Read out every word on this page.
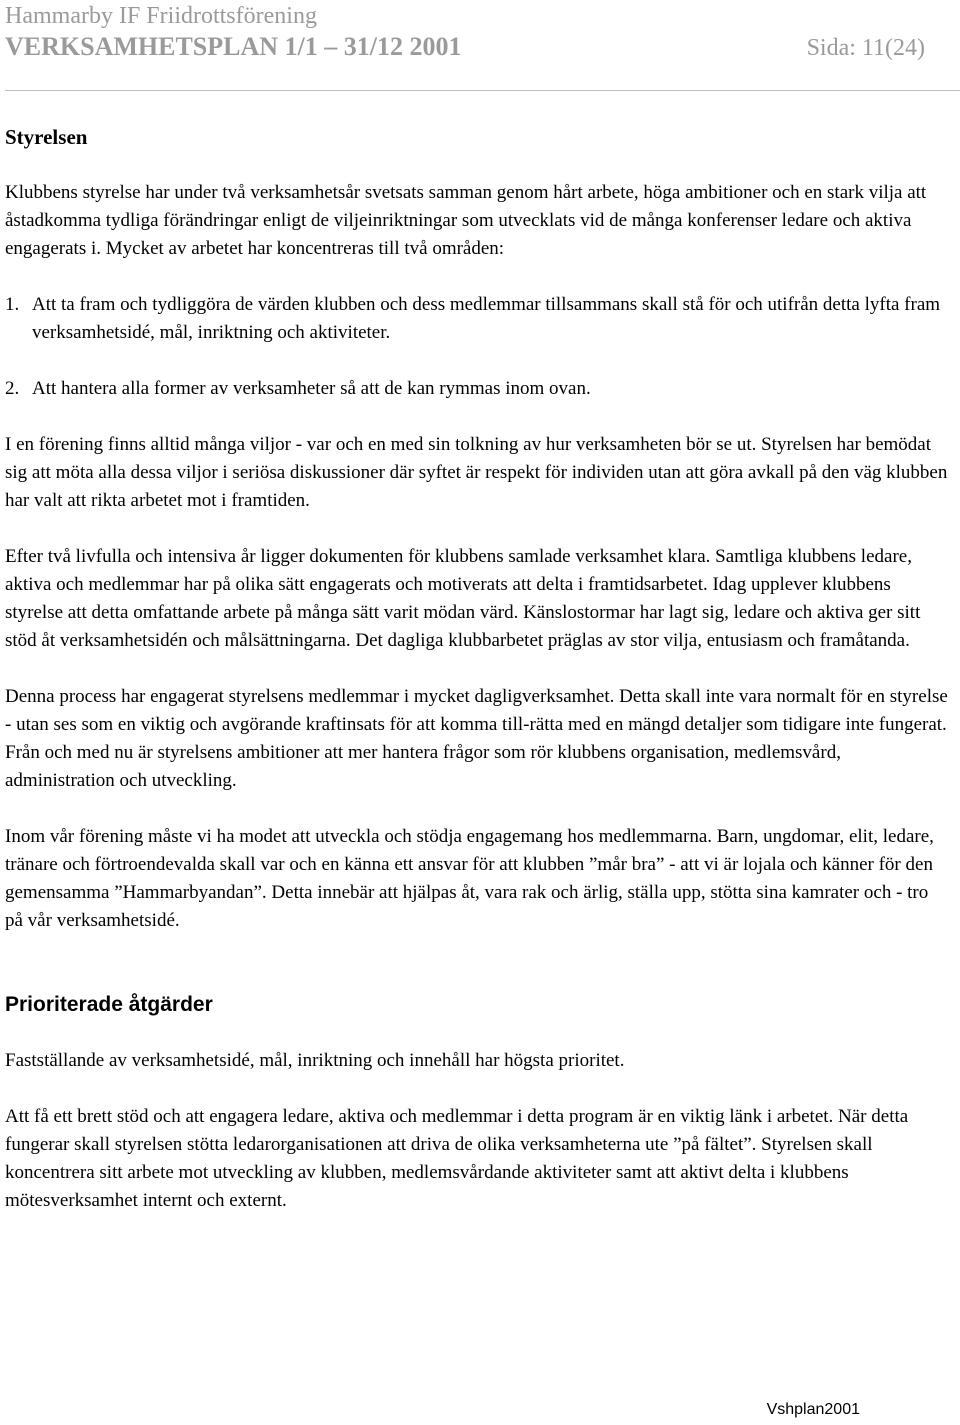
Hammarby IF Friidrottsförening
VERKSAMHETSPLAN 1/1 – 31/12 2001	Sida: 11(24)
Styrelsen

Klubbens styrelse har under två verksamhetsår svetsats samman genom hårt arbete, höga ambitioner och en stark vilja att åstadkomma tydliga förändringar enligt de viljeinriktningar som utvecklats vid de många konferenser ledare och aktiva engagerats i. Mycket av arbetet har koncentreras till två områden:

1. Att ta fram och tydliggöra de värden klubben och dess medlemmar tillsammans skall stå för och utifrån detta lyfta fram verksamhetsidé, mål, inriktning och aktiviteter.
2. Att hantera alla former av verksamheter så att de kan rymmas inom ovan.

I en förening finns alltid många viljor - var och en med sin tolkning av hur verksamheten bör se ut. Styrelsen har bemödat sig att möta alla dessa viljor i seriösa diskussioner där syftet är respekt för individen utan att göra avkall på den väg klubben har valt att rikta arbetet mot i framtiden.

Efter två livfulla och intensiva år ligger dokumenten för klubbens samlade verksamhet klara. Samtliga klubbens ledare, aktiva och medlemmar har på olika sätt engagerats och motiverats att delta i framtidsarbetet. Idag upplever klubbens styrelse att detta omfattande arbete på många sätt varit mödan värd. Känslostormar har lagt sig, ledare och aktiva ger sitt stöd åt verksamhetsidén och målsättningarna. Det dagliga klubbarbetet präglas av stor vilja, entusiasm och framåtanda.

Denna process har engagerat styrelsens medlemmar i mycket dagligverksamhet. Detta skall inte vara normalt för en styrelse - utan ses som en viktig och avgörande kraftinsats för att komma till-rätta med en mängd detaljer som tidigare inte fungerat. Från och med nu är styrelsens ambitioner att mer hantera frågor som rör klubbens organisation, medlemsvård, administration och utveckling.

Inom vår förening måste vi ha modet att utveckla och stödja engagemang hos medlemmarna. Barn, ungdomar, elit, ledare, tränare och förtroendevalda skall var och en känna ett ansvar för att klubben ”mår bra” - att vi är lojala och känner för den gemensamma ”Hammarbyandan”. Detta innebär att hjälpas åt, vara rak och ärlig, ställa upp, stötta sina kamrater och - tro på vår verksamhetsidé.

Prioriterade åtgärder

Fastställande av verksamhetsidé, mål, inriktning och innehåll har högsta prioritet.

Att få ett brett stöd och att engagera ledare, aktiva och medlemmar i detta program är en viktig länk i arbetet. När detta fungerar skall styrelsen stötta ledarorganisationen att driva de olika verksamheterna ute ”på fältet”. Styrelsen skall koncentrera sitt arbete mot utveckling av klubben, medlemsvårdande aktiviteter samt att aktivt delta i klubbens mötesverksamhet internt och externt.

Vshplan2001
